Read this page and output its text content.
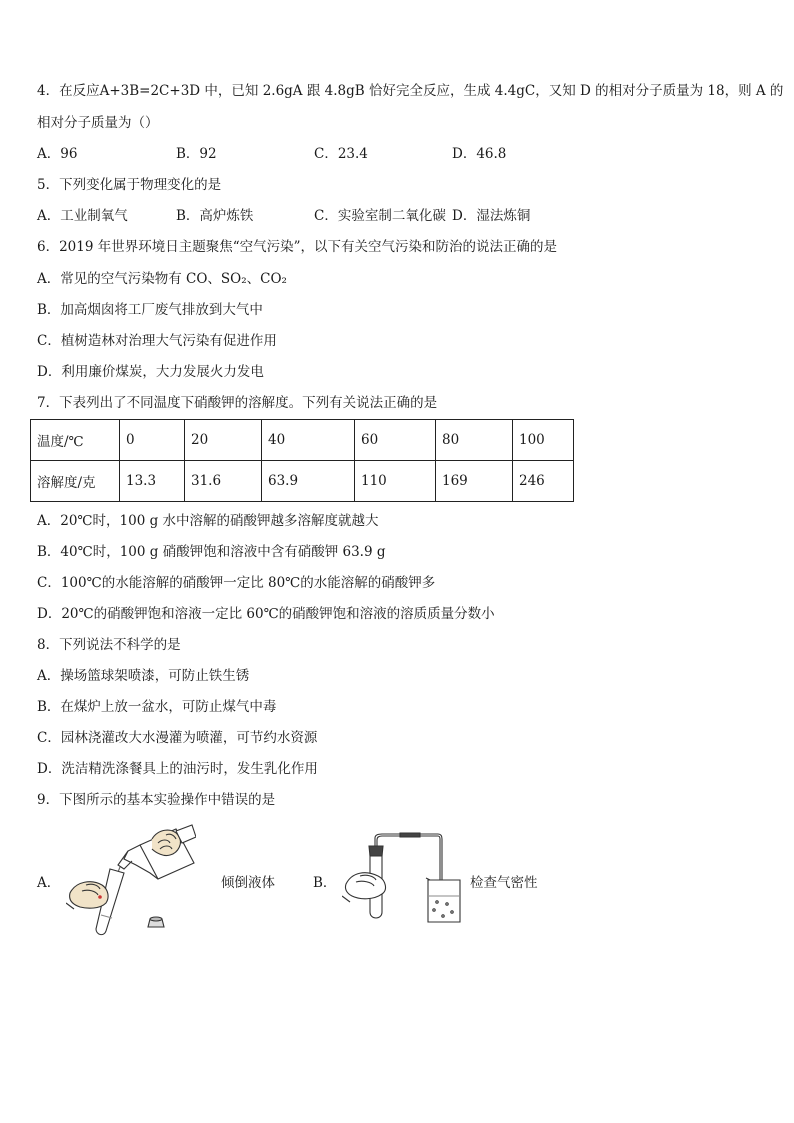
4．在反应A+3B=2C+3D 中，已知 2.6gA 跟 4.8gB 恰好完全反应，生成 4.4gC，又知 D 的相对分子质量为 18，则 A 的
相对分子质量为（）
A．96	B．92	C．23.4	D．46.8
5．下列变化属于物理变化的是
A．工业制氧气	B．高炉炼铁	C．实验室制二氧化碳 D．湿法炼铜
6．2019 年世界环境日主题聚焦“空气污染”，以下有关空气污染和防治的说法正确的是
A．常见的空气污染物有 CO、SO₂、CO₂
B．加高烟囱将工厂废气排放到大气中
C．植树造林对治理大气污染有促进作用
D．利用廉价煤炭，大力发展火力发电
7．下表列出了不同温度下硝酸钾的溶解度。下列有关说法正确的是
温度/℃	0	20	40	60	80	100
溶解度/克	13.3	31.6	63.9	110	169	246
A．20℃时，100 g 水中溶解的硝酸钾越多溶解度就越大
B．40℃时，100 g 硝酸钾饱和溶液中含有硝酸钾 63.9 g
C．100℃的水能溶解的硝酸钾一定比 80℃的水能溶解的硝酸钾多
D．20℃的硝酸钾饱和溶液一定比 60℃的硝酸钾饱和溶液的溶质质量分数小
8．下列说法不科学的是
A．操场篮球架喷漆，可防止铁生锈
B．在煤炉上放一盆水，可防止煤气中毒
C．园林浇灌改大水漫灌为喷灌，可节约水资源
D．洗洁精洗涤餐具上的油污时，发生乳化作用
9．下图所示的基本实验操作中错误的是
A．	倾倒液体	B．	检查气密性
